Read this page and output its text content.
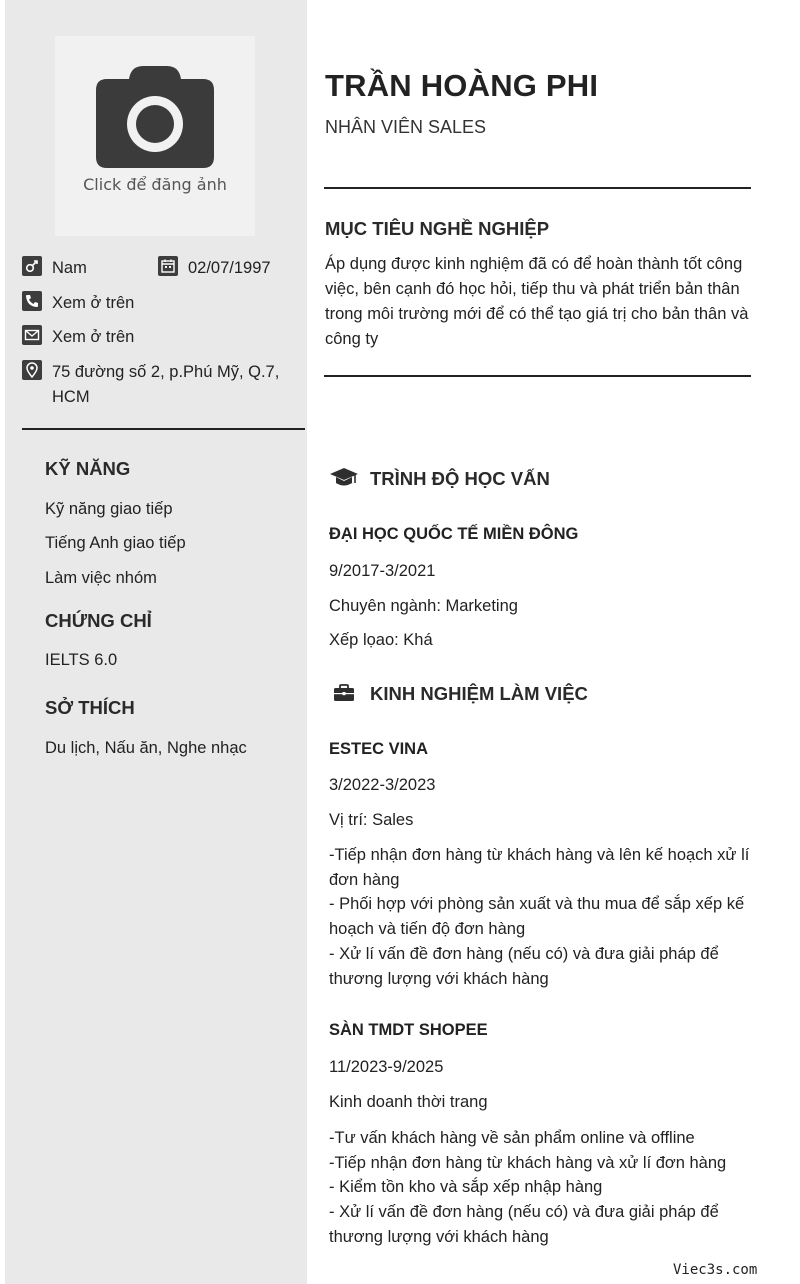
Click để đăng ảnh
Nam	02/07/1997
Xem ở trên
Xem ở trên
75 đường số 2, p.Phú Mỹ, Q.7, HCM
KỸ NĂNG
Kỹ năng giao tiếp
Tiếng Anh giao tiếp
Làm việc nhóm
CHỨNG CHỈ
IELTS 6.0
SỞ THÍCH
Du lịch, Nấu ăn, Nghe nhạc
TRẦN HOÀNG PHI
NHÂN VIÊN SALES
MỤC TIÊU NGHỀ NGHIỆP
Áp dụng được kinh nghiệm đã có để hoàn thành tốt công việc, bên cạnh đó học hỏi, tiếp thu và phát triển bản thân trong môi trường mới để có thể tạo giá trị cho bản thân và công ty
TRÌNH ĐỘ HỌC VẤN
ĐẠI HỌC QUỐC TẾ MIỀN ĐÔNG
9/2017-3/2021
Chuyên ngành: Marketing
Xếp lọao: Khá
KINH NGHIỆM LÀM VIỆC
ESTEC VINA
3/2022-3/2023
Vị trí: Sales
-Tiếp nhận đơn hàng từ khách hàng và lên kế hoạch xử lí đơn hàng
- Phối hợp với phòng sản xuất và thu mua để sắp xếp kế hoạch và tiến độ đơn hàng
- Xử lí vấn đề đơn hàng (nếu có) và đưa giải pháp để thương lượng với khách hàng
SÀN TMDT SHOPEE
11/2023-9/2025
Kinh doanh thời trang
-Tư vấn khách hàng về sản phẩm online và offline
-Tiếp nhận đơn hàng từ khách hàng và xử lí đơn hàng
- Kiểm tồn kho và sắp xếp nhập hàng
- Xử lí vấn đề đơn hàng (nếu có) và đưa giải pháp để thương lượng với khách hàng
Viec3s.com
